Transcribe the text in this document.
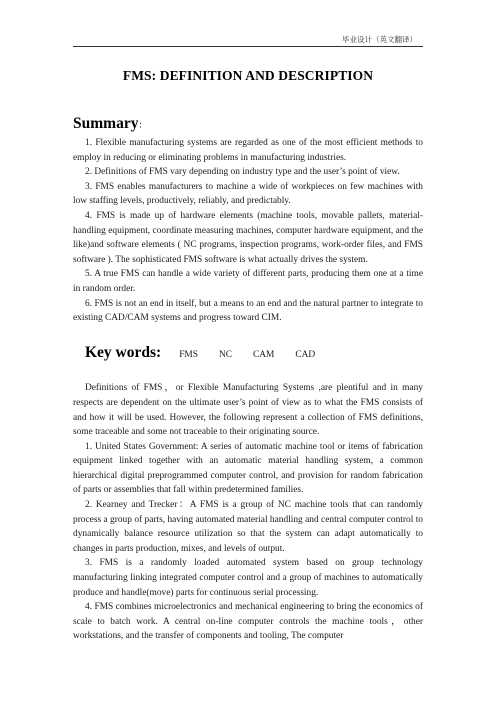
毕业设计（英文翻译）
FMS: DEFINITION AND DESCRIPTION
Summary：

1. Flexible manufacturing systems are regarded as one of the most efficient methods to employ in reducing or eliminating problems in manufacturing industries.

2. Definitions of FMS vary depending on industry type and the user’s point of view.

3. FMS enables manufacturers to machine a wide of workpieces on few machines with low staffing levels, productively, reliably, and predictably.

4. FMS is made up of hardware elements (machine tools, movable pallets, material-handling equipment, coordinate measuring machines, computer hardware equipment, and the like)and software elements ( NC programs, inspection programs, work-order files, and FMS software ). The sophisticated FMS software is what actually drives the system.

5. A true FMS can handle a wide variety of different parts, producing them one at a time in random order.

6. FMS is not an end in itself, but a means to an end and the natural partner to integrate to existing CAD/CAM systems and progress toward CIM.

Key words: FMS NC CAM CAD

Definitions of FMS，or Flexible Manufacturing Systems ,are plentiful and in many respects are dependent on the ultimate user’s point of view as to what the FMS consists of and how it will be used. However, the following represent a collection of FMS definitions, some traceable and some not traceable to their originating source.

1. United States Government: A series of automatic machine tool or items of fabrication equipment linked together with an automatic material handling system, a common hierarchical digital preprogrammed computer control, and provision for random fabrication of parts or assemblies that fall within predetermined families.

2. Kearney and Trecker：A FMS is a group of NC machine tools that can randomly process a group of parts, having automated material handling and central computer control to dynamically balance resource utilization so that the system can adapt automatically to changes in parts production, mixes, and levels of output.

3. FMS is a randomly loaded automated system based on group technology manufacturing linking integrated computer control and a group of machines to automatically produce and handle(move) parts for continuous serial processing.

4. FMS combines microelectronics and mechanical engineering to bring the economics of scale to batch work. A central on-line computer controls the machine tools，other workstations, and the transfer of components and tooling, The computer
